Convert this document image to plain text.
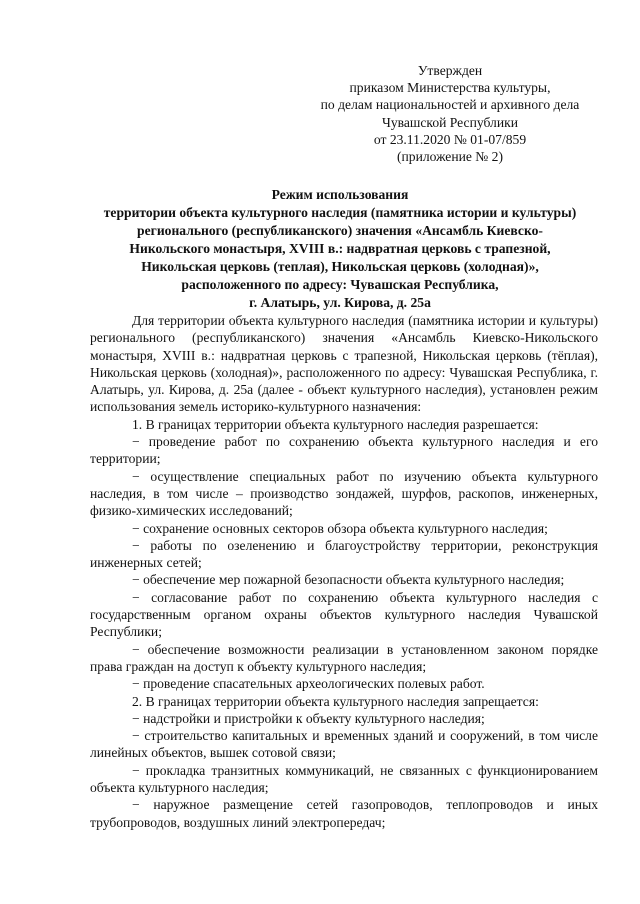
Утвержден
приказом Министерства культуры,
по делам национальностей и архивного дела
Чувашской Республики
от 23.11.2020 № 01-07/859
(приложение № 2)
Режим использования
территории объекта культурного наследия (памятника истории и культуры)
регионального (республиканского) значения «Ансамбль Киевско-
Никольского монастыря, XVIII в.: надвратная церковь с трапезной,
Никольская церковь (теплая), Никольская церковь (холодная)»,
расположенного по адресу: Чувашская Республика,
г. Алатырь, ул. Кирова, д. 25а

Для территории объекта культурного наследия (памятника истории и культуры) регионального (республиканского) значения «Ансамбль Киевско-Никольского монастыря, XVIII в.: надвратная церковь с трапезной, Никольская церковь (тёплая), Никольская церковь (холодная)», расположенного по адресу: Чувашская Республика, г. Алатырь, ул. Кирова, д. 25а (далее - объект культурного наследия), установлен режим использования земель историко-культурного назначения:

1. В границах территории объекта культурного наследия разрешается:

− проведение работ по сохранению объекта культурного наследия и его территории;

− осуществление специальных работ по изучению объекта культурного наследия, в том числе – производство зондажей, шурфов, раскопов, инженерных, физико-химических исследований;

− сохранение основных секторов обзора объекта культурного наследия;

− работы по озеленению и благоустройству территории, реконструкция инженерных сетей;

− обеспечение мер пожарной безопасности объекта культурного наследия;

− согласование работ по сохранению объекта культурного наследия с государственным органом охраны объектов культурного наследия Чувашской Республики;

− обеспечение возможности реализации в установленном законом порядке права граждан на доступ к объекту культурного наследия;

− проведение спасательных археологических полевых работ.

2. В границах территории объекта культурного наследия запрещается:

− надстройки и пристройки к объекту культурного наследия;

− строительство капитальных и временных зданий и сооружений, в том числе линейных объектов, вышек сотовой связи;

− прокладка транзитных коммуникаций, не связанных с функционированием объекта культурного наследия;

− наружное размещение сетей газопроводов, теплопроводов и иных трубопроводов, воздушных линий электропередач;
